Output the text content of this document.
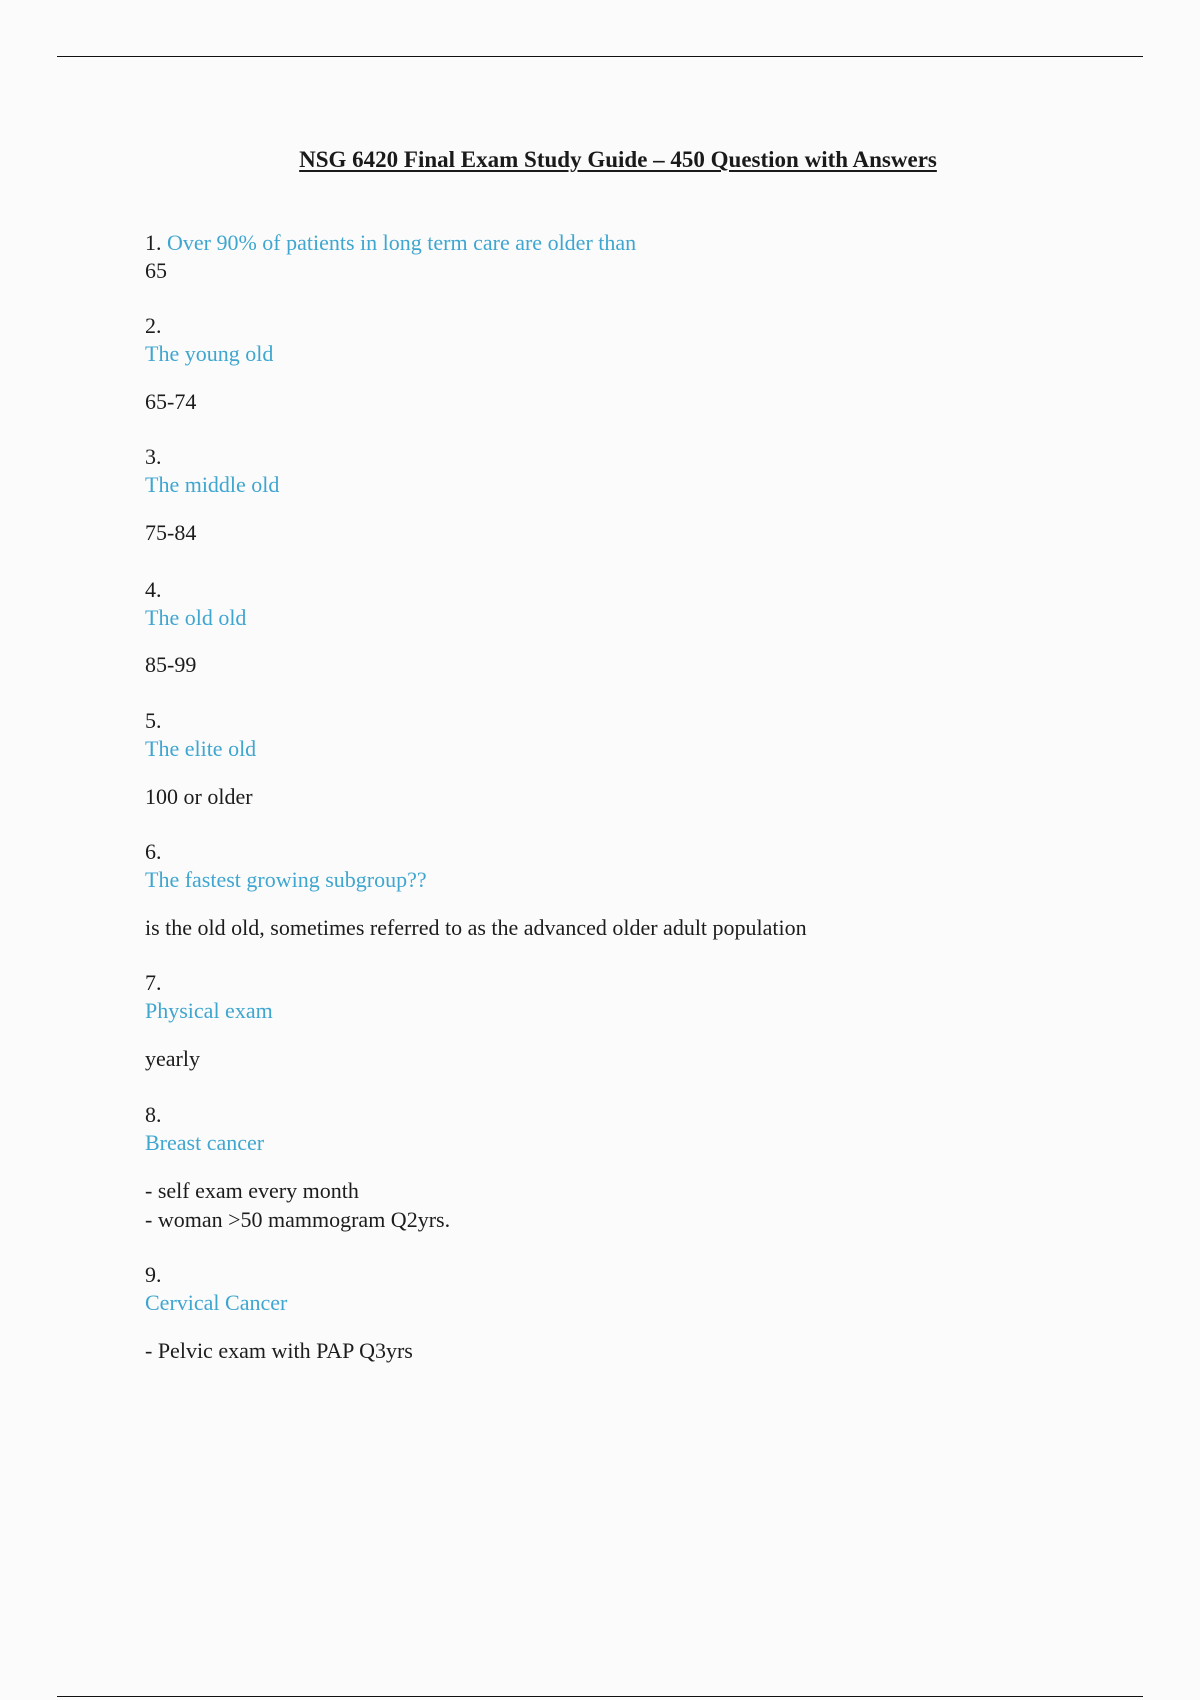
NSG 6420 Final Exam Study Guide – 450 Question with Answers
1. Over 90% of patients in long term care are older than
65
2.
The young old
65-74
3.
The middle old
75-84
4.
The old old
85-99
5.
The elite old
100 or older
6.
The fastest growing subgroup??
is the old old, sometimes referred to as the advanced older adult population
7.
Physical exam
yearly
8.
Breast cancer
- self exam every month
- woman >50 mammogram Q2yrs.
9.
Cervical Cancer
- Pelvic exam with PAP Q3yrs
